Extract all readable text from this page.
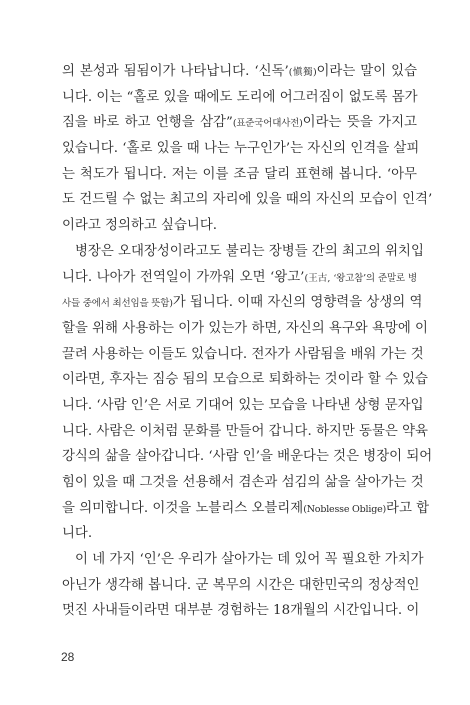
의 본성과 됨됨이가 나타납니다. ‘신독’(愼獨)이라는 말이 있습
니다. 이는 “홀로 있을 때에도 도리에 어그러짐이 없도록 몸가
짐을 바로 하고 언행을 삼감”(표준국어대사전)이라는 뜻을 가지고
있습니다. ‘홀로 있을 때 나는 누구인가’는 자신의 인격을 살피
는 척도가 됩니다. 저는 이를 조금 달리 표현해 봅니다. ‘아무
도 건드릴 수 없는 최고의 자리에 있을 때의 자신의 모습이 인격’
이라고 정의하고 싶습니다.
병장은 오대장성이라고도 불리는 장병들 간의 최고의 위치입
니다. 나아가 전역일이 가까워 오면 ‘왕고’(王古, ‘왕고참’의 준말로 병
사들 중에서 최선임을 뜻함)가 됩니다. 이때 자신의 영향력을 상생의 역
할을 위해 사용하는 이가 있는가 하면, 자신의 욕구와 욕망에 이
끌려 사용하는 이들도 있습니다. 전자가 사람됨을 배워 가는 것
이라면, 후자는 짐승 됨의 모습으로 퇴화하는 것이라 할 수 있습
니다. ‘사람 인’은 서로 기대어 있는 모습을 나타낸 상형 문자입
니다. 사람은 이처럼 문화를 만들어 갑니다. 하지만 동물은 약육
강식의 삶을 살아갑니다. ‘사람 인’을 배운다는 것은 병장이 되어
힘이 있을 때 그것을 선용해서 겸손과 섬김의 삶을 살아가는 것
을 의미합니다. 이것을 노블리스 오블리제(Noblesse Oblige)라고 합
니다.
이 네 가지 ‘인’은 우리가 살아가는 데 있어 꼭 필요한 가치가
아닌가 생각해 봅니다. 군 복무의 시간은 대한민국의 정상적인
멋진 사내들이라면 대부분 경험하는 18개월의 시간입니다. 이
28
